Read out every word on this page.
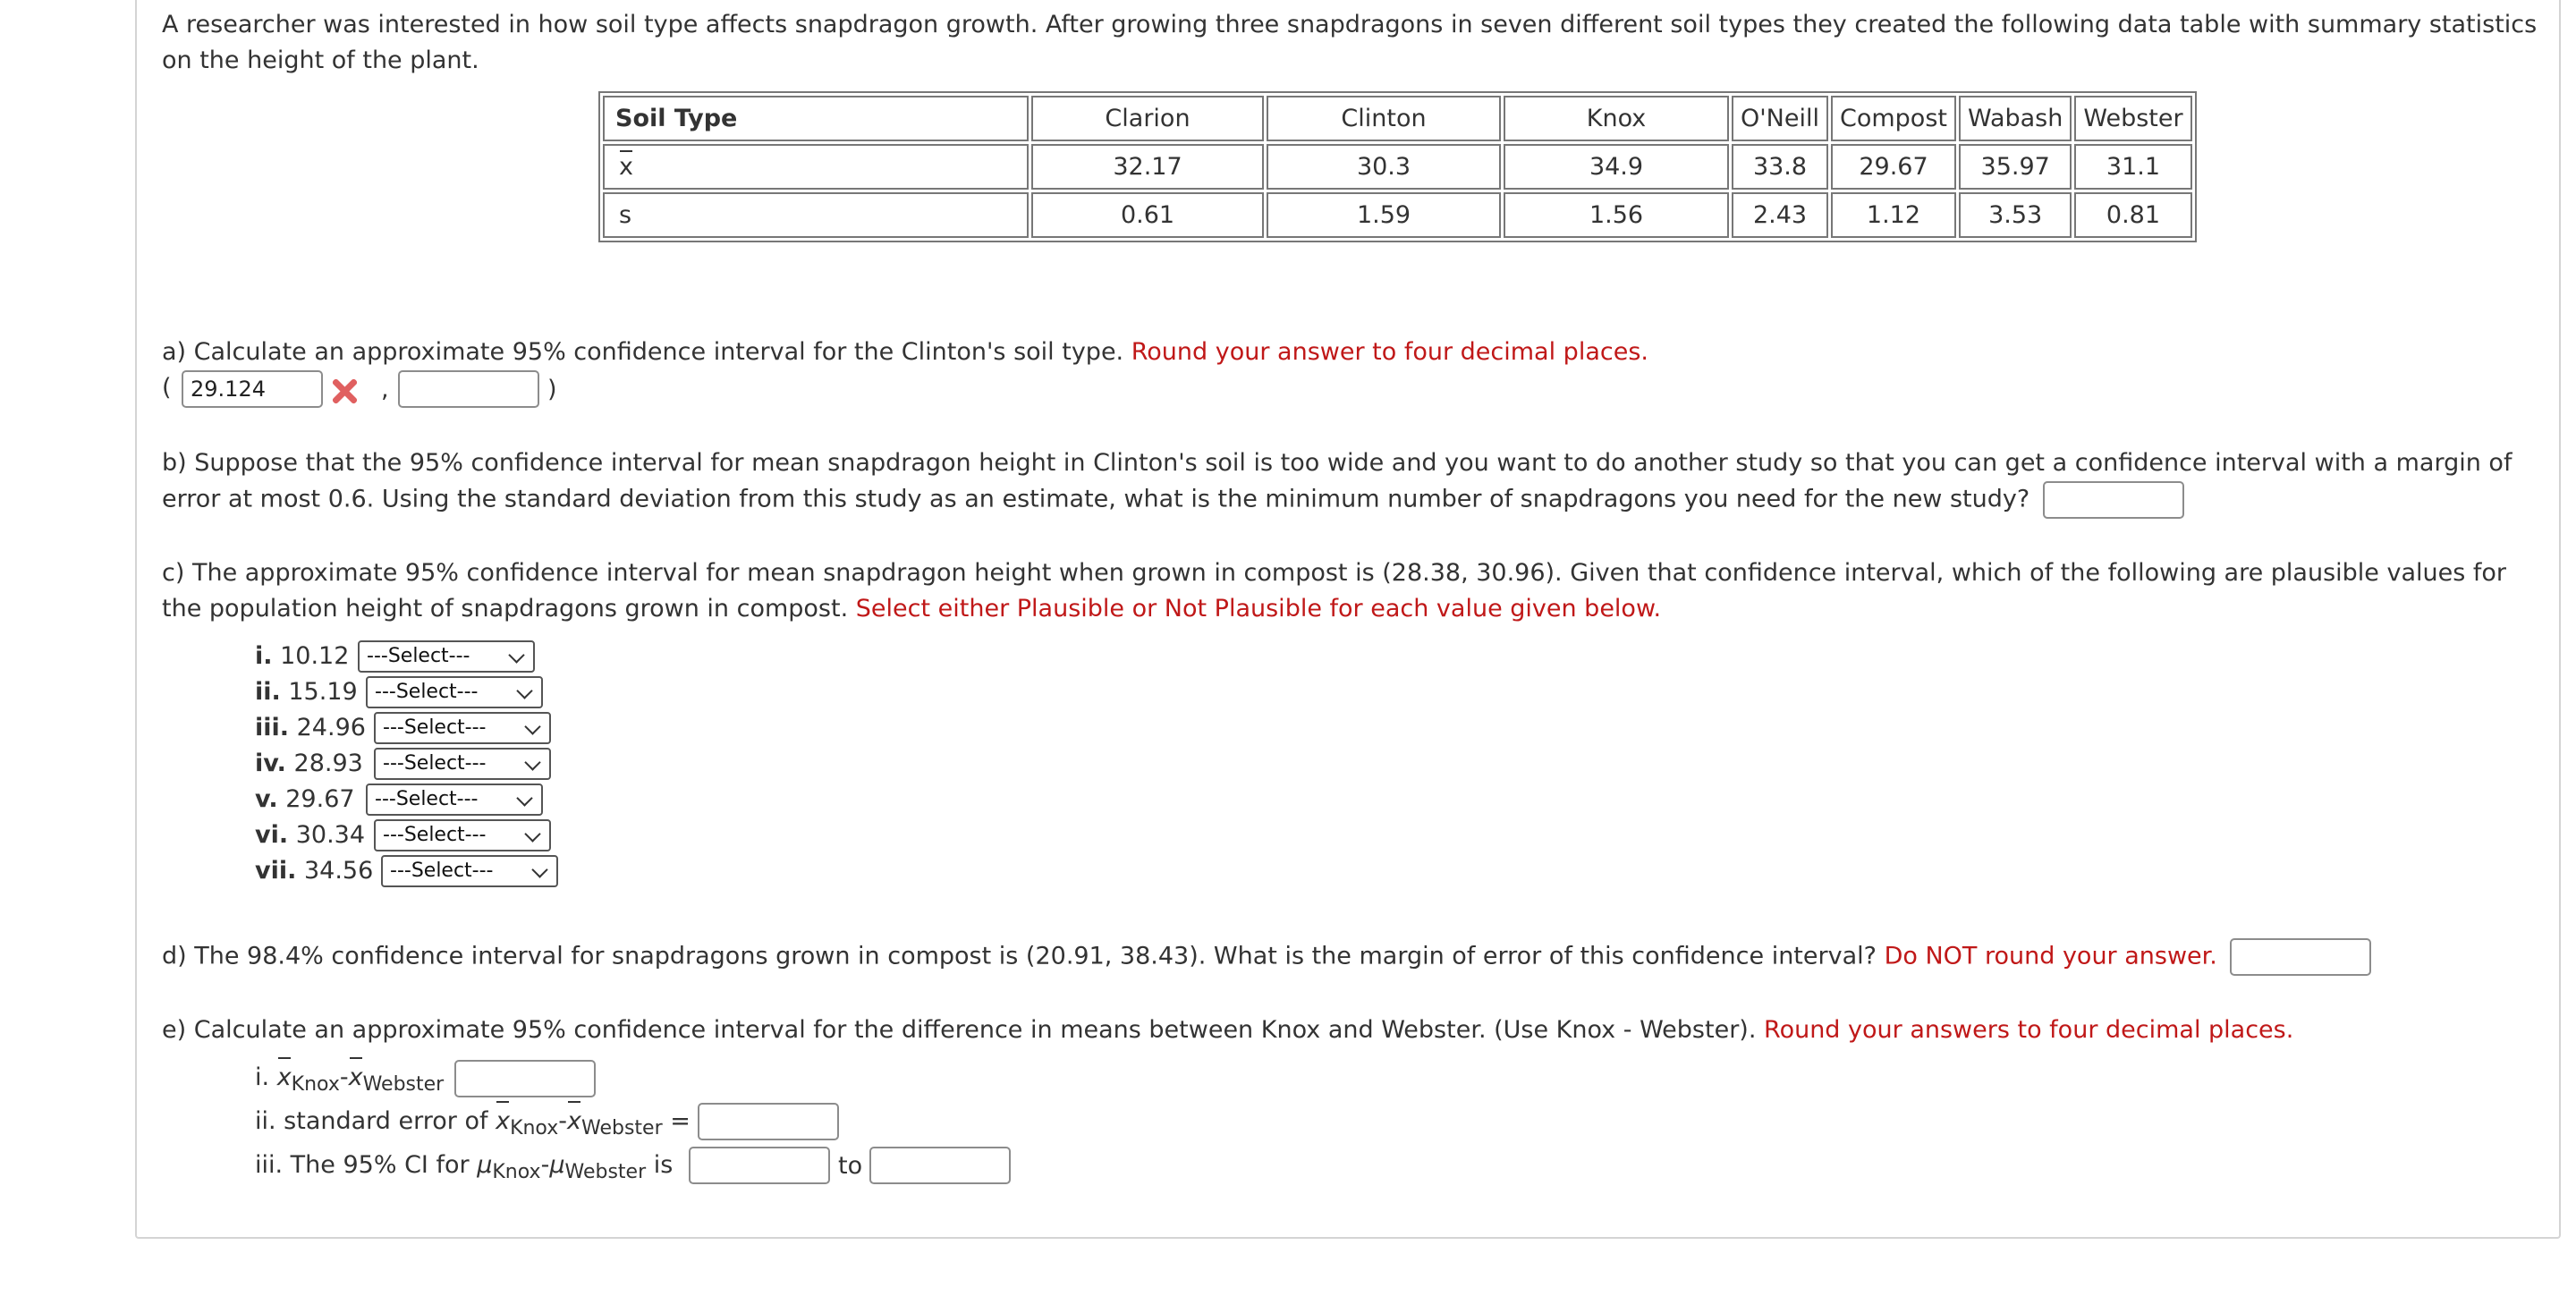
A researcher was interested in how soil type affects snapdragon growth. After growing three snapdragons in seven different soil types they created the following data table with summary statistics on the height of the plant.
Soil Type	Clarion	Clinton	Knox	O'Neill	Compost	Wabash	Webster
x	32.17	30.3	34.9	33.8	29.67	35.97	31.1
s	0.61	1.59	1.56	2.43	1.12	3.53	0.81
a) Calculate an approximate 95% confidence interval for the Clinton's soil type. Round your answer to four decimal places.
(
29.124	,	)
b) Suppose that the 95% confidence interval for mean snapdragon height in Clinton's soil is too wide and you want to do another study so that you can get a confidence interval with a margin of error at most 0.6. Using the standard deviation from this study as an estimate, what is the minimum number of snapdragons you need for the new study?
c) The approximate 95% confidence interval for mean snapdragon height when grown in compost is (28.38, 30.96). Given that confidence interval, which of the following are plausible values for the population height of snapdragons grown in compost. Select either Plausible or Not Plausible for each value given below.
i. 10.12 ---Select---
ii. 15.19 ---Select---
iii. 24.96 ---Select---
iv. 28.93	---Select---
v. 29.67	---Select---
vi. 30.34 ---Select---
vii. 34.56 ---Select---
d) The 98.4% confidence interval for snapdragons grown in compost is (20.91, 38.43). What is the margin of error of this confidence interval? Do NOT round your answer.
e) Calculate an approximate 95% confidence interval for the difference in means between Knox and Webster. (Use Knox - Webster). Round your answers to four decimal places.
i. $x_{Knox}-x_{Webster}$
ii. standard error of $x_{Knox}-x_{Webster}$ =
iii. The 95% CI for $\mu_{Knox}-\mu_{Webster}$ is	to
